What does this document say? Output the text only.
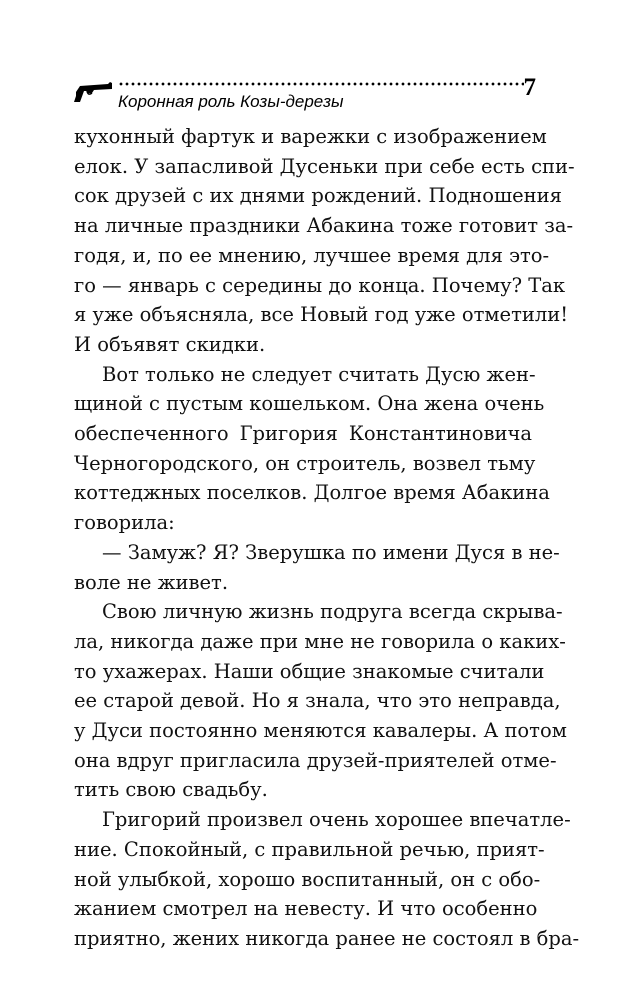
Коронная роль Козы-дерезы
7

кухонный фартук и варежки с изображением
елок. У запасливой Дусеньки при себе есть спи-
сок друзей с их днями рождений. Подношения
на личные праздники Абакина тоже готовит за-
годя, и, по ее мнению, лучшее время для это-
го — январь с середины до конца. Почему? Так
я уже объясняла, все Новый год уже отметили!
И объявят скидки.

Вот только не следует считать Дусю жен-
щиной с пустым кошельком. Она жена очень
обеспеченного Григория Константиновича
Черногородского, он строитель, возвел тьму
коттеджных поселков. Долгое время Абакина
говорила:

— Замуж? Я? Зверушка по имени Дуся в не-
воле не живет.

Свою личную жизнь подруга всегда скрыва-
ла, никогда даже при мне не говорила о каких-
то ухажерах. Наши общие знакомые считали
ее старой девой. Но я знала, что это неправда,
у Дуси постоянно меняются кавалеры. А потом
она вдруг пригласила друзей-приятелей отме-
тить свою свадьбу.

Григорий произвел очень хорошее впечатле-
ние. Спокойный, с правильной речью, прият-
ной улыбкой, хорошо воспитанный, он с обо-
жанием смотрел на невесту. И что особенно
приятно, жених никогда ранее не состоял в бра-
